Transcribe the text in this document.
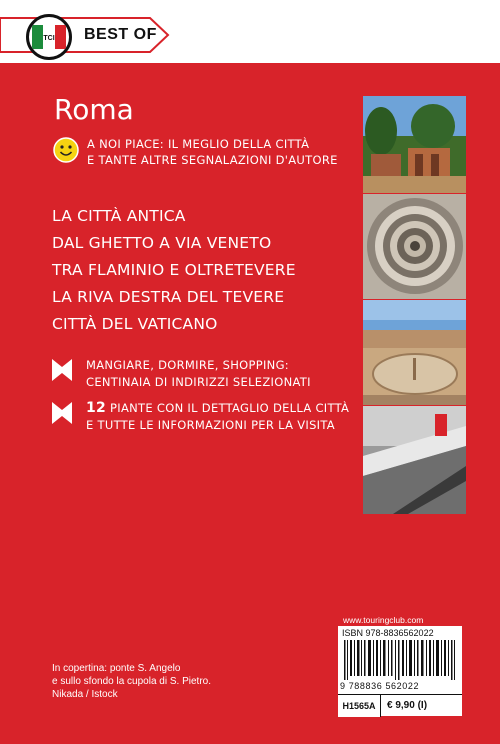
TCI BEST OF
Roma
A NOI PIACE: IL MEGLIO DELLA CITTÀ
E TANTE ALTRE SEGNALAZIONI D'AUTORE
LA CITTÀ ANTICA
DAL GHETTO A VIA VENETO
TRA FLAMINIO E OLTRETEVERE
LA RIVA DESTRA DEL TEVERE
CITTÀ DEL VATICANO
MANGIARE, DORMIRE, SHOPPING:
CENTINAIA DI INDIRIZZI SELEZIONATI
12 PIANTE CON IL DETTAGLIO DELLA CITTÀ
E TUTTE LE INFORMAZIONI PER LA VISITA
In copertina: ponte S. Angelo
e sullo sfondo la cupola di S. Pietro.
Nikada / Istock
www.touringclub.com
ISBN 978-8836562022
9 788836 562022
H1565A	€ 9,90 (I)
